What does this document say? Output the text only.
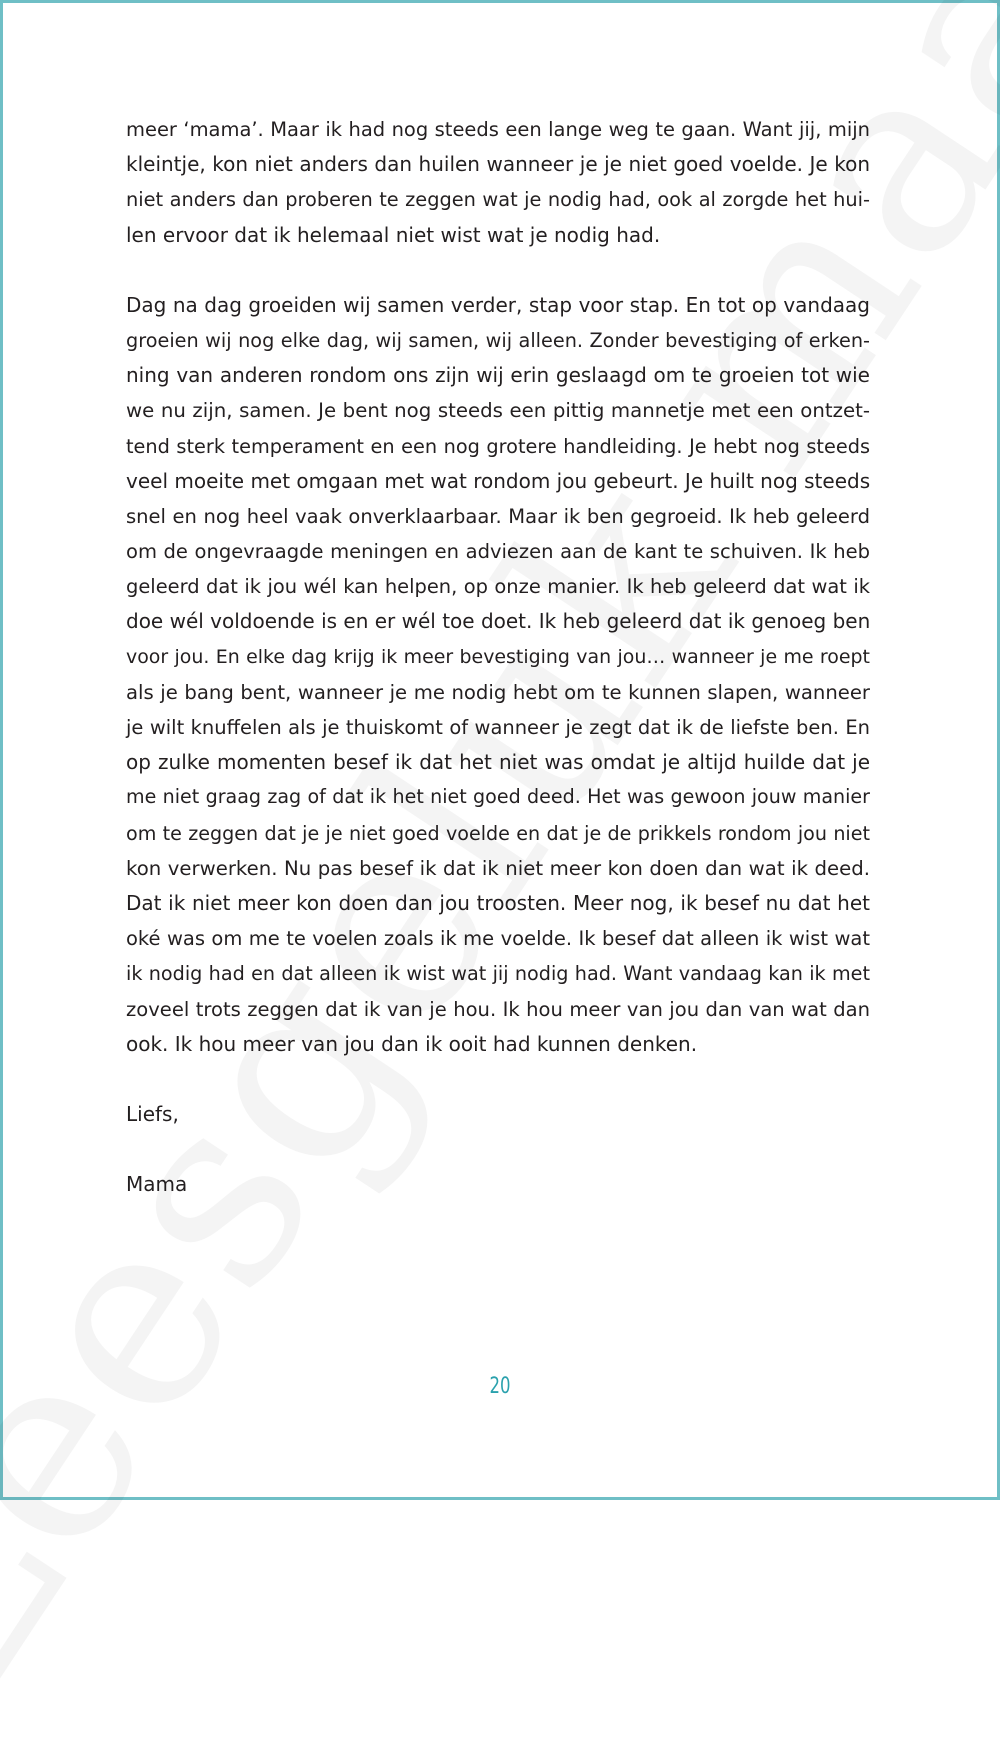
meer ‘mama’. Maar ik had nog steeds een lange weg te gaan. Want jij, mijn
kleintje, kon niet anders dan huilen wanneer je je niet goed voelde. Je kon
niet anders dan proberen te zeggen wat je nodig had, ook al zorgde het hui-
len ervoor dat ik helemaal niet wist wat je nodig had.
Dag na dag groeiden wij samen verder, stap voor stap. En tot op vandaag
groeien wij nog elke dag, wij samen, wij alleen. Zonder bevestiging of erken-
ning van anderen rondom ons zijn wij erin geslaagd om te groeien tot wie
we nu zijn, samen. Je bent nog steeds een pittig mannetje met een ontzet-
tend sterk temperament en een nog grotere handleiding. Je hebt nog steeds
veel moeite met omgaan met wat rondom jou gebeurt. Je huilt nog steeds
snel en nog heel vaak onverklaarbaar. Maar ik ben gegroeid. Ik heb geleerd
om de ongevraagde meningen en adviezen aan de kant te schuiven. Ik heb
geleerd dat ik jou wél kan helpen, op onze manier. Ik heb geleerd dat wat ik
doe wél voldoende is en er wél toe doet. Ik heb geleerd dat ik genoeg ben
voor jou. En elke dag krijg ik meer bevestiging van jou… wanneer je me roept
als je bang bent, wanneer je me nodig hebt om te kunnen slapen, wanneer
je wilt knuffelen als je thuiskomt of wanneer je zegt dat ik de liefste ben. En
op zulke momenten besef ik dat het niet was omdat je altijd huilde dat je
me niet graag zag of dat ik het niet goed deed. Het was gewoon jouw manier
om te zeggen dat je je niet goed voelde en dat je de prikkels rondom jou niet
kon verwerken. Nu pas besef ik dat ik niet meer kon doen dan wat ik deed.
Dat ik niet meer kon doen dan jou troosten. Meer nog, ik besef nu dat het
oké was om me te voelen zoals ik me voelde. Ik besef dat alleen ik wist wat
ik nodig had en dat alleen ik wist wat jij nodig had. Want vandaag kan ik met
zoveel trots zeggen dat ik van je hou. Ik hou meer van jou dan van wat dan
ook. Ik hou meer van jou dan ik ooit had kunnen denken.
Liefs,
Mama
20
